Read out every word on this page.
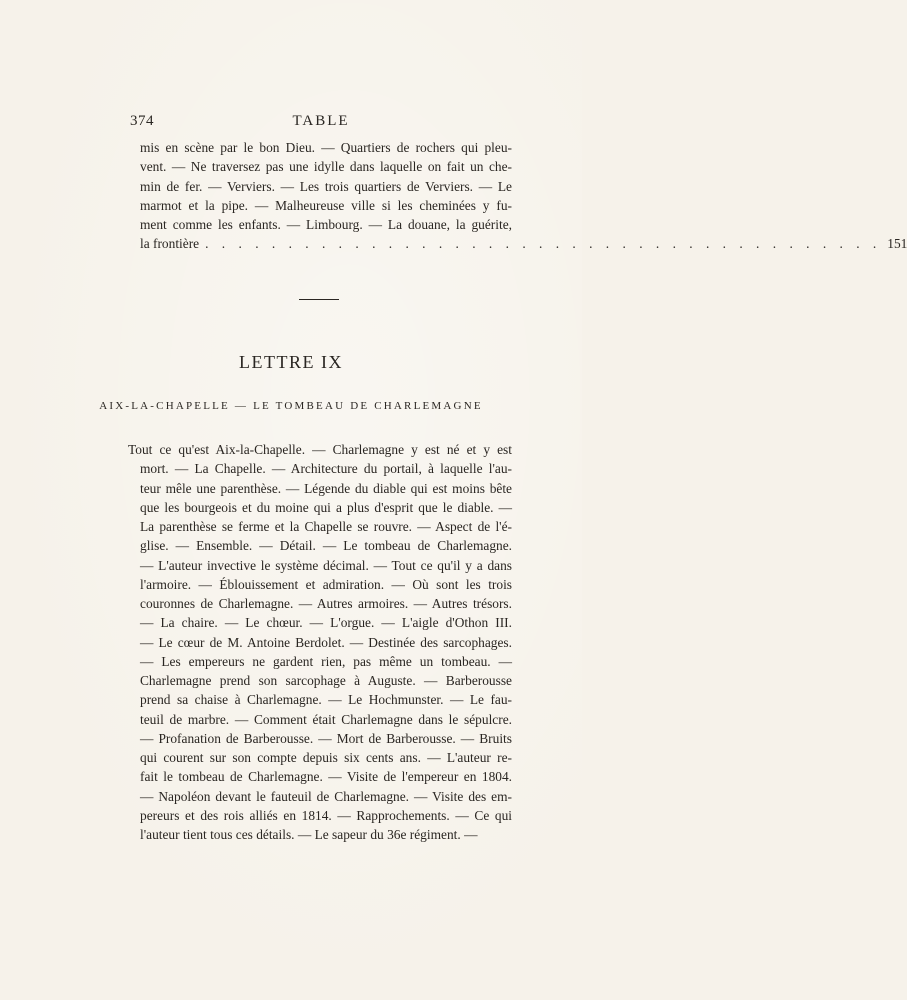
374	TABLE
mis en scène par le bon Dieu. — Quartiers de rochers qui pleu-
vent. — Ne traversez pas une idylle dans laquelle on fait un che-
min de fer. — Verviers. — Les trois quartiers de Verviers. — Le
marmot et la pipe. — Malheureuse ville si les cheminées y fu-
ment comme les enfants. — Limbourg. — La douane, la guérite,
la frontière . . . . . . . . . . . . . . . . . . . . . . . . . . . . . . . . . . . . . . . . . 151
LETTRE IX
AIX-LA-CHAPELLE — LE TOMBEAU DE CHARLEMAGNE
Tout ce qu'est Aix-la-Chapelle. — Charlemagne y est né et y est
mort. — La Chapelle. — Architecture du portail, à laquelle l'au-
teur mêle une parenthèse. — Légende du diable qui est moins bête
que les bourgeois et du moine qui a plus d'esprit que le diable. —
La parenthèse se ferme et la Chapelle se rouvre. — Aspect de l'é-
glise. — Ensemble. — Détail. — Le tombeau de Charlemagne.
— L'auteur invective le système décimal. — Tout ce qu'il y a dans
l'armoire. — Éblouissement et admiration. — Où sont les trois
couronnes de Charlemagne. — Autres armoires. — Autres trésors.
— La chaire. — Le chœur. — L'orgue. — L'aigle d'Othon III.
— Le cœur de M. Antoine Berdolet. — Destinée des sarcophages.
— Les empereurs ne gardent rien, pas même un tombeau. —
Charlemagne prend son sarcophage à Auguste. — Barberousse
prend sa chaise à Charlemagne. — Le Hochmunster. — Le fau-
teuil de marbre. — Comment était Charlemagne dans le sépulcre.
— Profanation de Barberousse. — Mort de Barberousse. — Bruits
qui courent sur son compte depuis six cents ans. — L'auteur re-
fait le tombeau de Charlemagne. — Visite de l'empereur en 1804.
— Napoléon devant le fauteuil de Charlemagne. — Visite des em-
pereurs et des rois alliés en 1814. — Rapprochements. — Ce qui
l'auteur tient tous ces détails. — Le sapeur du 36e régiment. —
